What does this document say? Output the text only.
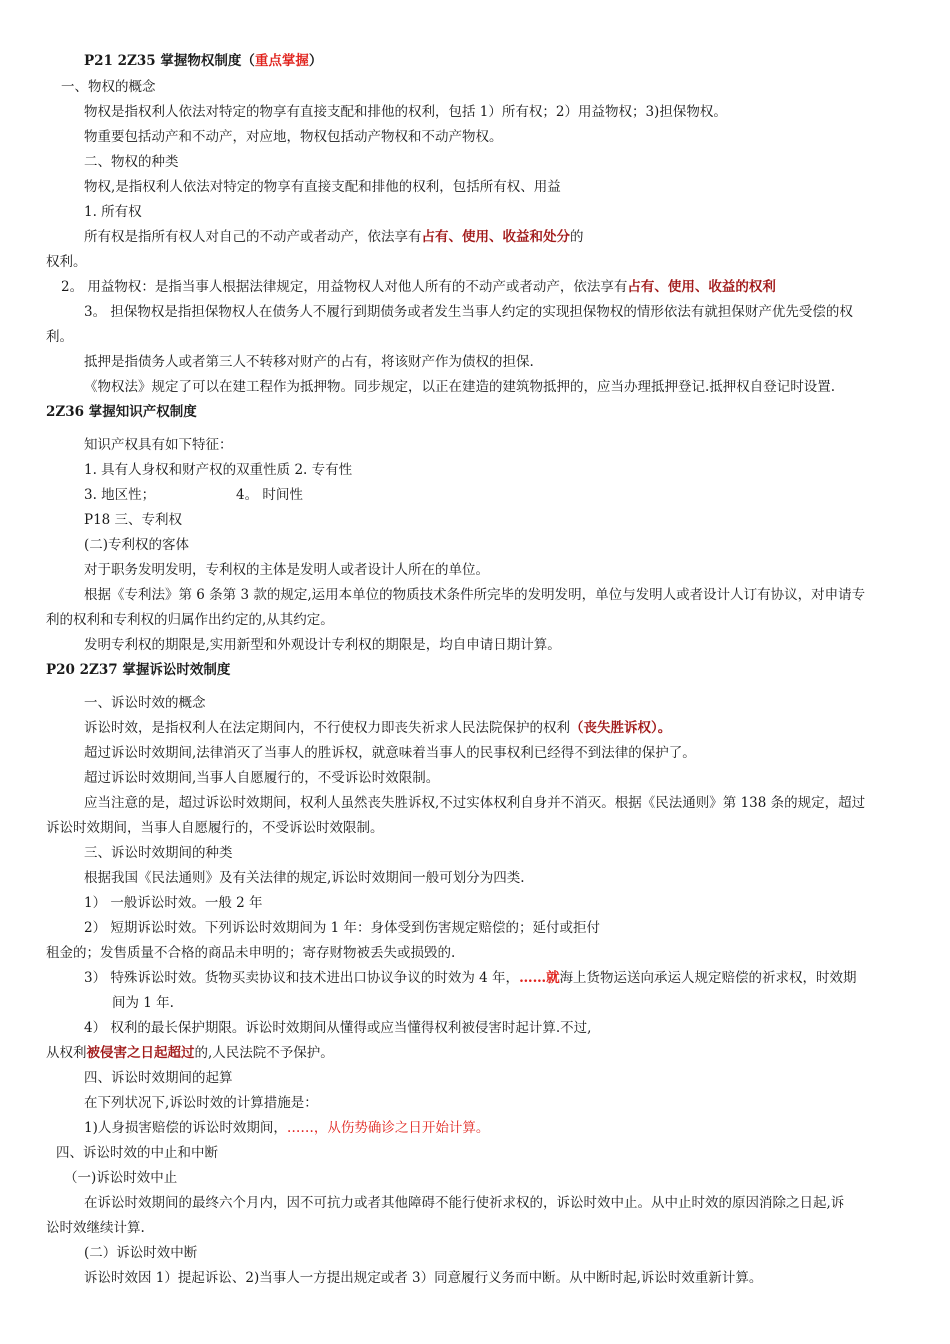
P21 2Z35 掌握物权制度（重点掌握）
一、物权的概念
物权是指权利人依法对特定的物享有直接支配和排他的权利，包括 1）所有权；2）用益物权；3)担保物权。
物重要包括动产和不动产，对应地，物权包括动产物权和不动产物权。
二、物权的种类
物权,是指权利人依法对特定的物享有直接支配和排他的权利，包括所有权、用益
1. 所有权
所有权是指所有权人对自己的不动产或者动产，依法享有占有、使用、收益和处分的
权利。
2。 用益物权：是指当事人根据法律规定，用益物权人对他人所有的不动产或者动产，依法享有占有、使用、收益的权利
3。 担保物权是指担保物权人在债务人不履行到期债务或者发生当事人约定的实现担保物权的情形依法有就担保财产优先受偿的权
利。
抵押是指债务人或者第三人不转移对财产的占有，将该财产作为债权的担保.
《物权法》规定了可以在建工程作为抵押物。同步规定，以正在建造的建筑物抵押的，应当办理抵押登记.抵押权自登记时设置.
2Z36 掌握知识产权制度
知识产权具有如下特征：
1. 具有人身权和财产权的双重性质 2. 专有性
3. 地区性；	4。 时间性
P18 三、专利权
(二)专利权的客体
对于职务发明发明，专利权的主体是发明人或者设计人所在的单位。
根据《专利法》第 6 条第 3 款的规定,运用本单位的物质技术条件所完毕的发明发明，单位与发明人或者设计人订有协议，对申请专
利的权利和专利权的归属作出约定的,从其约定。
发明专利权的期限是,实用新型和外观设计专利权的期限是，均自申请日期计算。
P20 2Z37 掌握诉讼时效制度
一、诉讼时效的概念
诉讼时效，是指权利人在法定期间内，不行使权力即丧失祈求人民法院保护的权利（丧失胜诉权）。
超过诉讼时效期间,法律消灭了当事人的胜诉权，就意味着当事人的民事权利已经得不到法律的保护了。
超过诉讼时效期间,当事人自愿履行的，不受诉讼时效限制。
应当注意的是，超过诉讼时效期间，权利人虽然丧失胜诉权,不过实体权利自身并不消灭。根据《民法通则》第 138 条的规定，超过
诉讼时效期间，当事人自愿履行的，不受诉讼时效限制。
三、诉讼时效期间的种类
根据我国《民法通则》及有关法律的规定,诉讼时效期间一般可划分为四类.
1） 一般诉讼时效。一般 2 年
2） 短期诉讼时效。下列诉讼时效期间为 1 年：身体受到伤害规定赔偿的；延付或拒付
租金的；发售质量不合格的商品未申明的；寄存财物被丢失或损毁的.
3） 特殊诉讼时效。货物买卖协议和技术进出口协议争议的时效为 4 年，……就海上货物运送向承运人规定赔偿的祈求权，时效期
间为 1 年.
4） 权利的最长保护期限。诉讼时效期间从懂得或应当懂得权利被侵害时起计算.不过,
从权利被侵害之日起超过的,人民法院不予保护。
四、诉讼时效期间的起算
在下列状况下,诉讼时效的计算措施是：
1)人身损害赔偿的诉讼时效期间，……，从伤势确诊之日开始计算。
四、诉讼时效的中止和中断
（一)诉讼时效中止
在诉讼时效期间的最终六个月内，因不可抗力或者其他障碍不能行使祈求权的，诉讼时效中止。从中止时效的原因消除之日起,诉
讼时效继续计算.
(二）诉讼时效中断
诉讼时效因 1）提起诉讼、2)当事人一方提出规定或者 3）同意履行义务而中断。从中断时起,诉讼时效重新计算。
